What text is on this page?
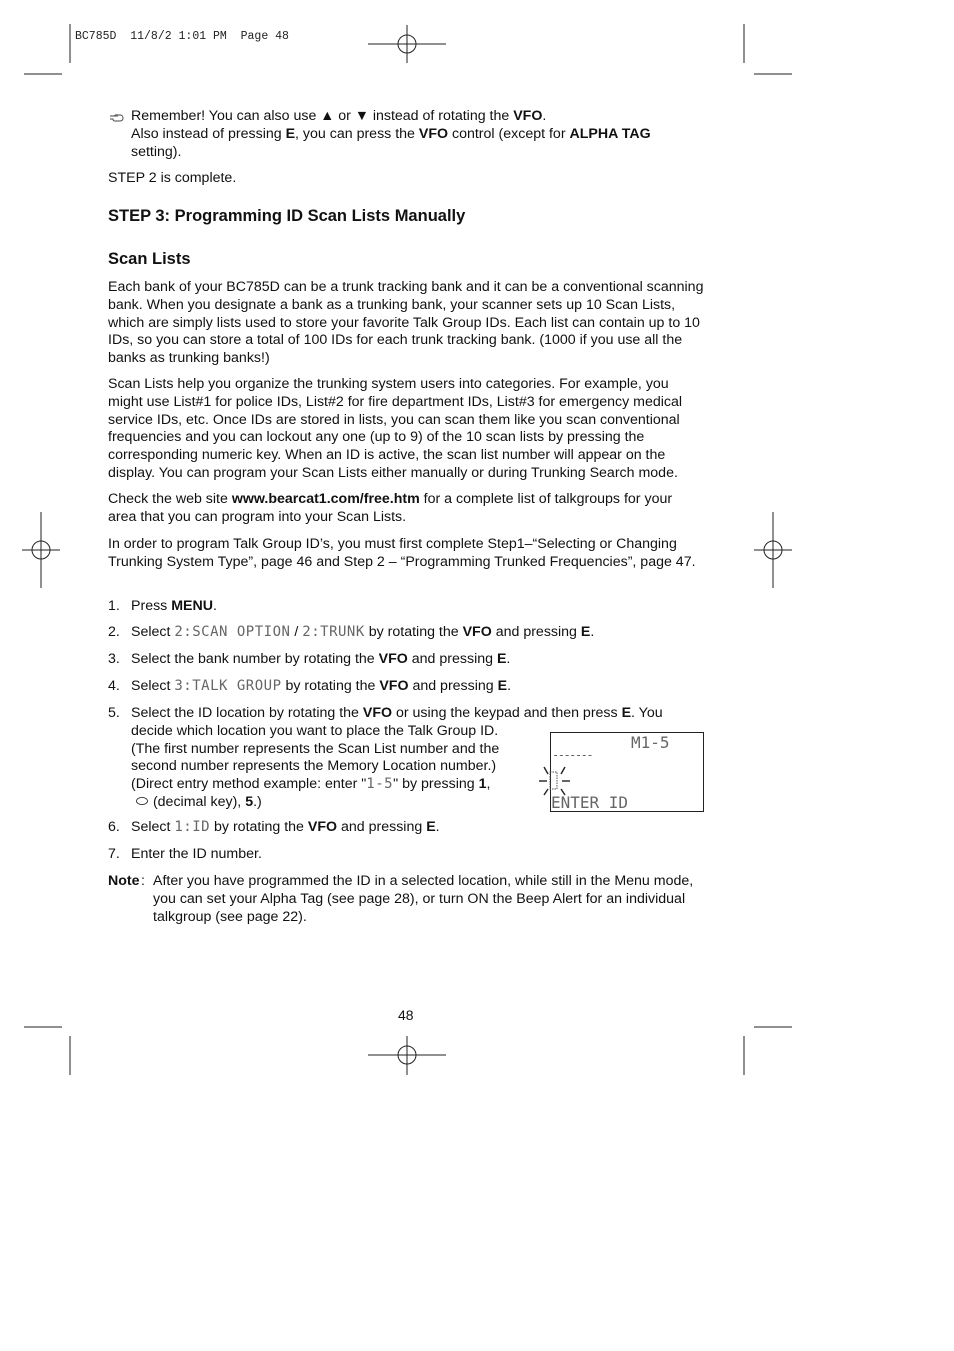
BC785D  11/8/2 1:01 PM  Page 48

Remember! You can also use ▲ or ▼ instead of rotating the VFO.

Also instead of pressing E, you can press the VFO control (except for ALPHA TAG

setting).

STEP 2 is complete.
STEP 3: Programming ID Scan Lists Manually
Scan Lists

Each bank of your BC785D can be a trunk tracking bank and it can be a conventional scanning bank. When you designate a bank as a trunking bank, your scanner sets up 10 Scan Lists, which are simply lists used to store your favorite Talk Group IDs. Each list can contain up to 10 IDs, so you can store a total of 100 IDs for each trunk tracking bank. (1000 if you use all the banks as trunking banks!)

Scan Lists help you organize the trunking system users into categories. For example, you might use List#1 for police IDs, List#2 for fire department IDs, List#3 for emergency medical service IDs, etc. Once IDs are stored in lists, you can scan them like you scan conventional frequencies and you can lockout any one (up to 9) of the 10 scan lists by pressing the corresponding numeric key. When an ID is active, the scan list number will appear on the display. You can program your Scan Lists either manually or during Trunking Search mode.

Check the web site www.bearcat1.com/free.htm for a complete list of talkgroups for your area that you can program into your Scan Lists.

In order to program Talk Group ID’s, you must first complete Step1–“Selecting or Changing Trunking System Type”, page 46 and Step 2 – “Programming Trunked Frequencies”, page 47.

1. Press MENU.
2. Select 2:SCAN OPTION / 2:TRUNK by rotating the VFO and pressing E.
3. Select the bank number by rotating the VFO and pressing E.
4. Select 3:TALK GROUP by rotating the VFO and pressing E.
5. Select the ID location by rotating the VFO or using the keypad and then press E. You

decide which location you want to place the Talk Group ID.

(The first number represents the Scan List number and the

second number represents the Memory Location number.)

(Direct entry method example: enter "1-5" by pressing 1,

(decimal key), 5.)

M1-5
-------
ENTER ID
6. Select 1:ID by rotating the VFO and pressing E.
7. Enter the ID number.
Note : After you have programmed the ID in a selected location, while still in the Menu mode, you can set your Alpha Tag (see page 28), or turn ON the Beep Alert for an individual talkgroup (see page 22).
48
